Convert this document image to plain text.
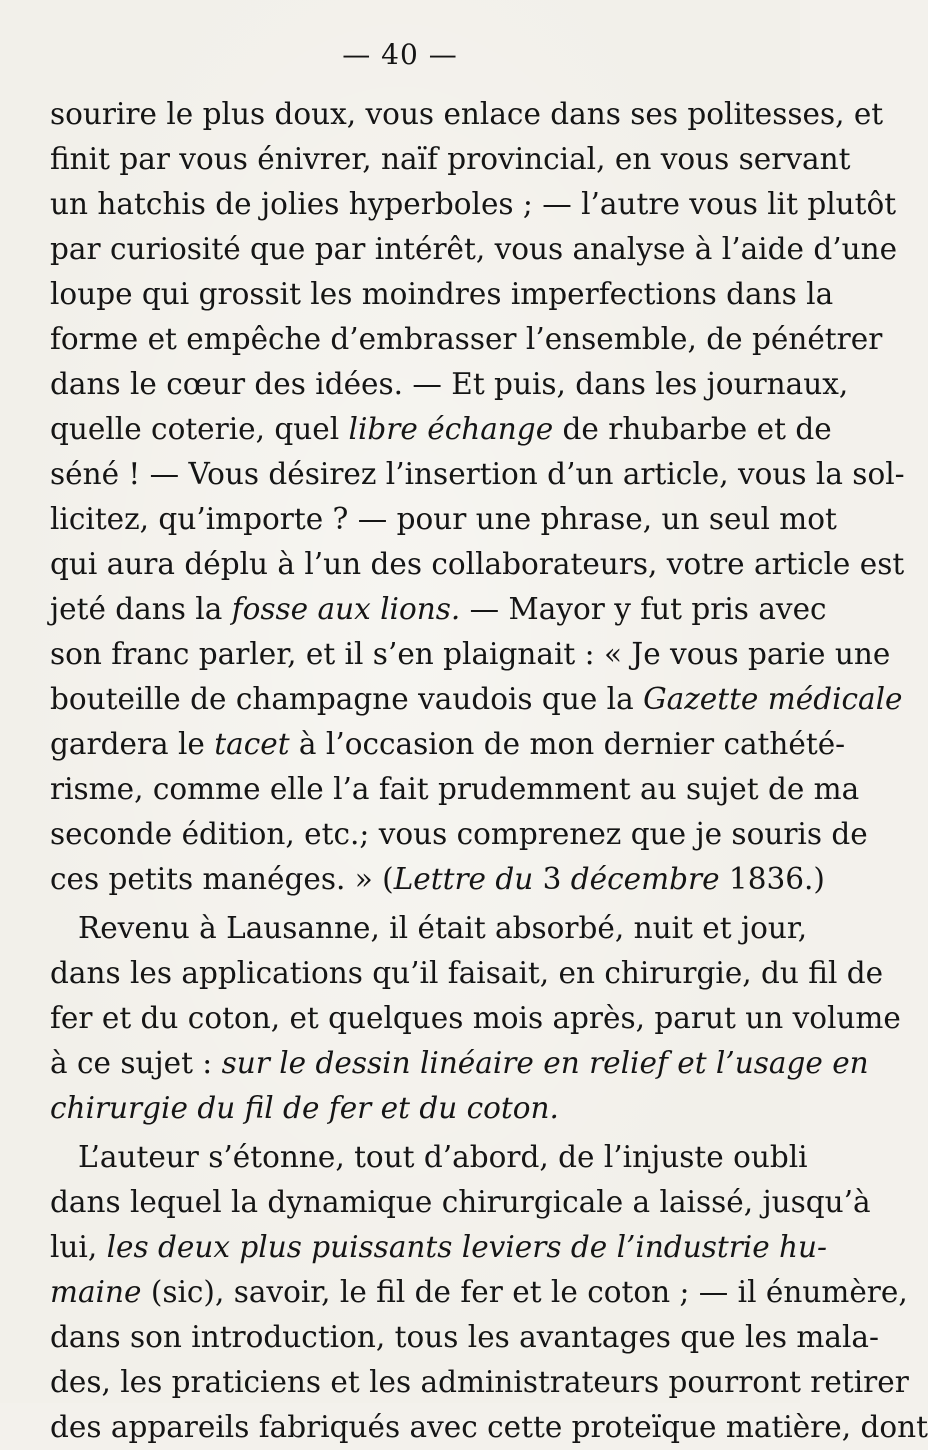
— 40 —
sourire le plus doux, vous enlace dans ses politesses, et
finit par vous énivrer, naïf provincial, en vous servant
un hatchis de jolies hyperboles ; — l’autre vous lit plutôt
par curiosité que par intérêt, vous analyse à l’aide d’une
loupe qui grossit les moindres imperfections dans la
forme et empêche d’embrasser l’ensemble, de pénétrer
dans le cœur des idées. — Et puis, dans les journaux,
quelle coterie, quel libre échange de rhubarbe et de
séné ! — Vous désirez l’insertion d’un article, vous la sol-
licitez, qu’importe ? — pour une phrase, un seul mot
qui aura déplu à l’un des collaborateurs, votre article est
jeté dans la fosse aux lions. — Mayor y fut pris avec
son franc parler, et il s’en plaignait : « Je vous parie une
bouteille de champagne vaudois que la Gazette médicale
gardera le tacet à l’occasion de mon dernier cathété-
risme, comme elle l’a fait prudemment au sujet de ma
seconde édition, etc.; vous comprenez que je souris de
ces petits manéges. » (Lettre du 3 décembre 1836.)
Revenu à Lausanne, il était absorbé, nuit et jour,
dans les applications qu’il faisait, en chirurgie, du fil de
fer et du coton, et quelques mois après, parut un volume
à ce sujet : sur le dessin linéaire en relief et l’usage en
chirurgie du fil de fer et du coton.
L’auteur s’étonne, tout d’abord, de l’injuste oubli
dans lequel la dynamique chirurgicale a laissé, jusqu’à
lui, les deux plus puissants leviers de l’industrie hu-
maine (sic), savoir, le fil de fer et le coton ; — il énumère,
dans son introduction, tous les avantages que les mala-
des, les praticiens et les administrateurs pourront retirer
des appareils fabriqués avec cette proteïque matière, dont
